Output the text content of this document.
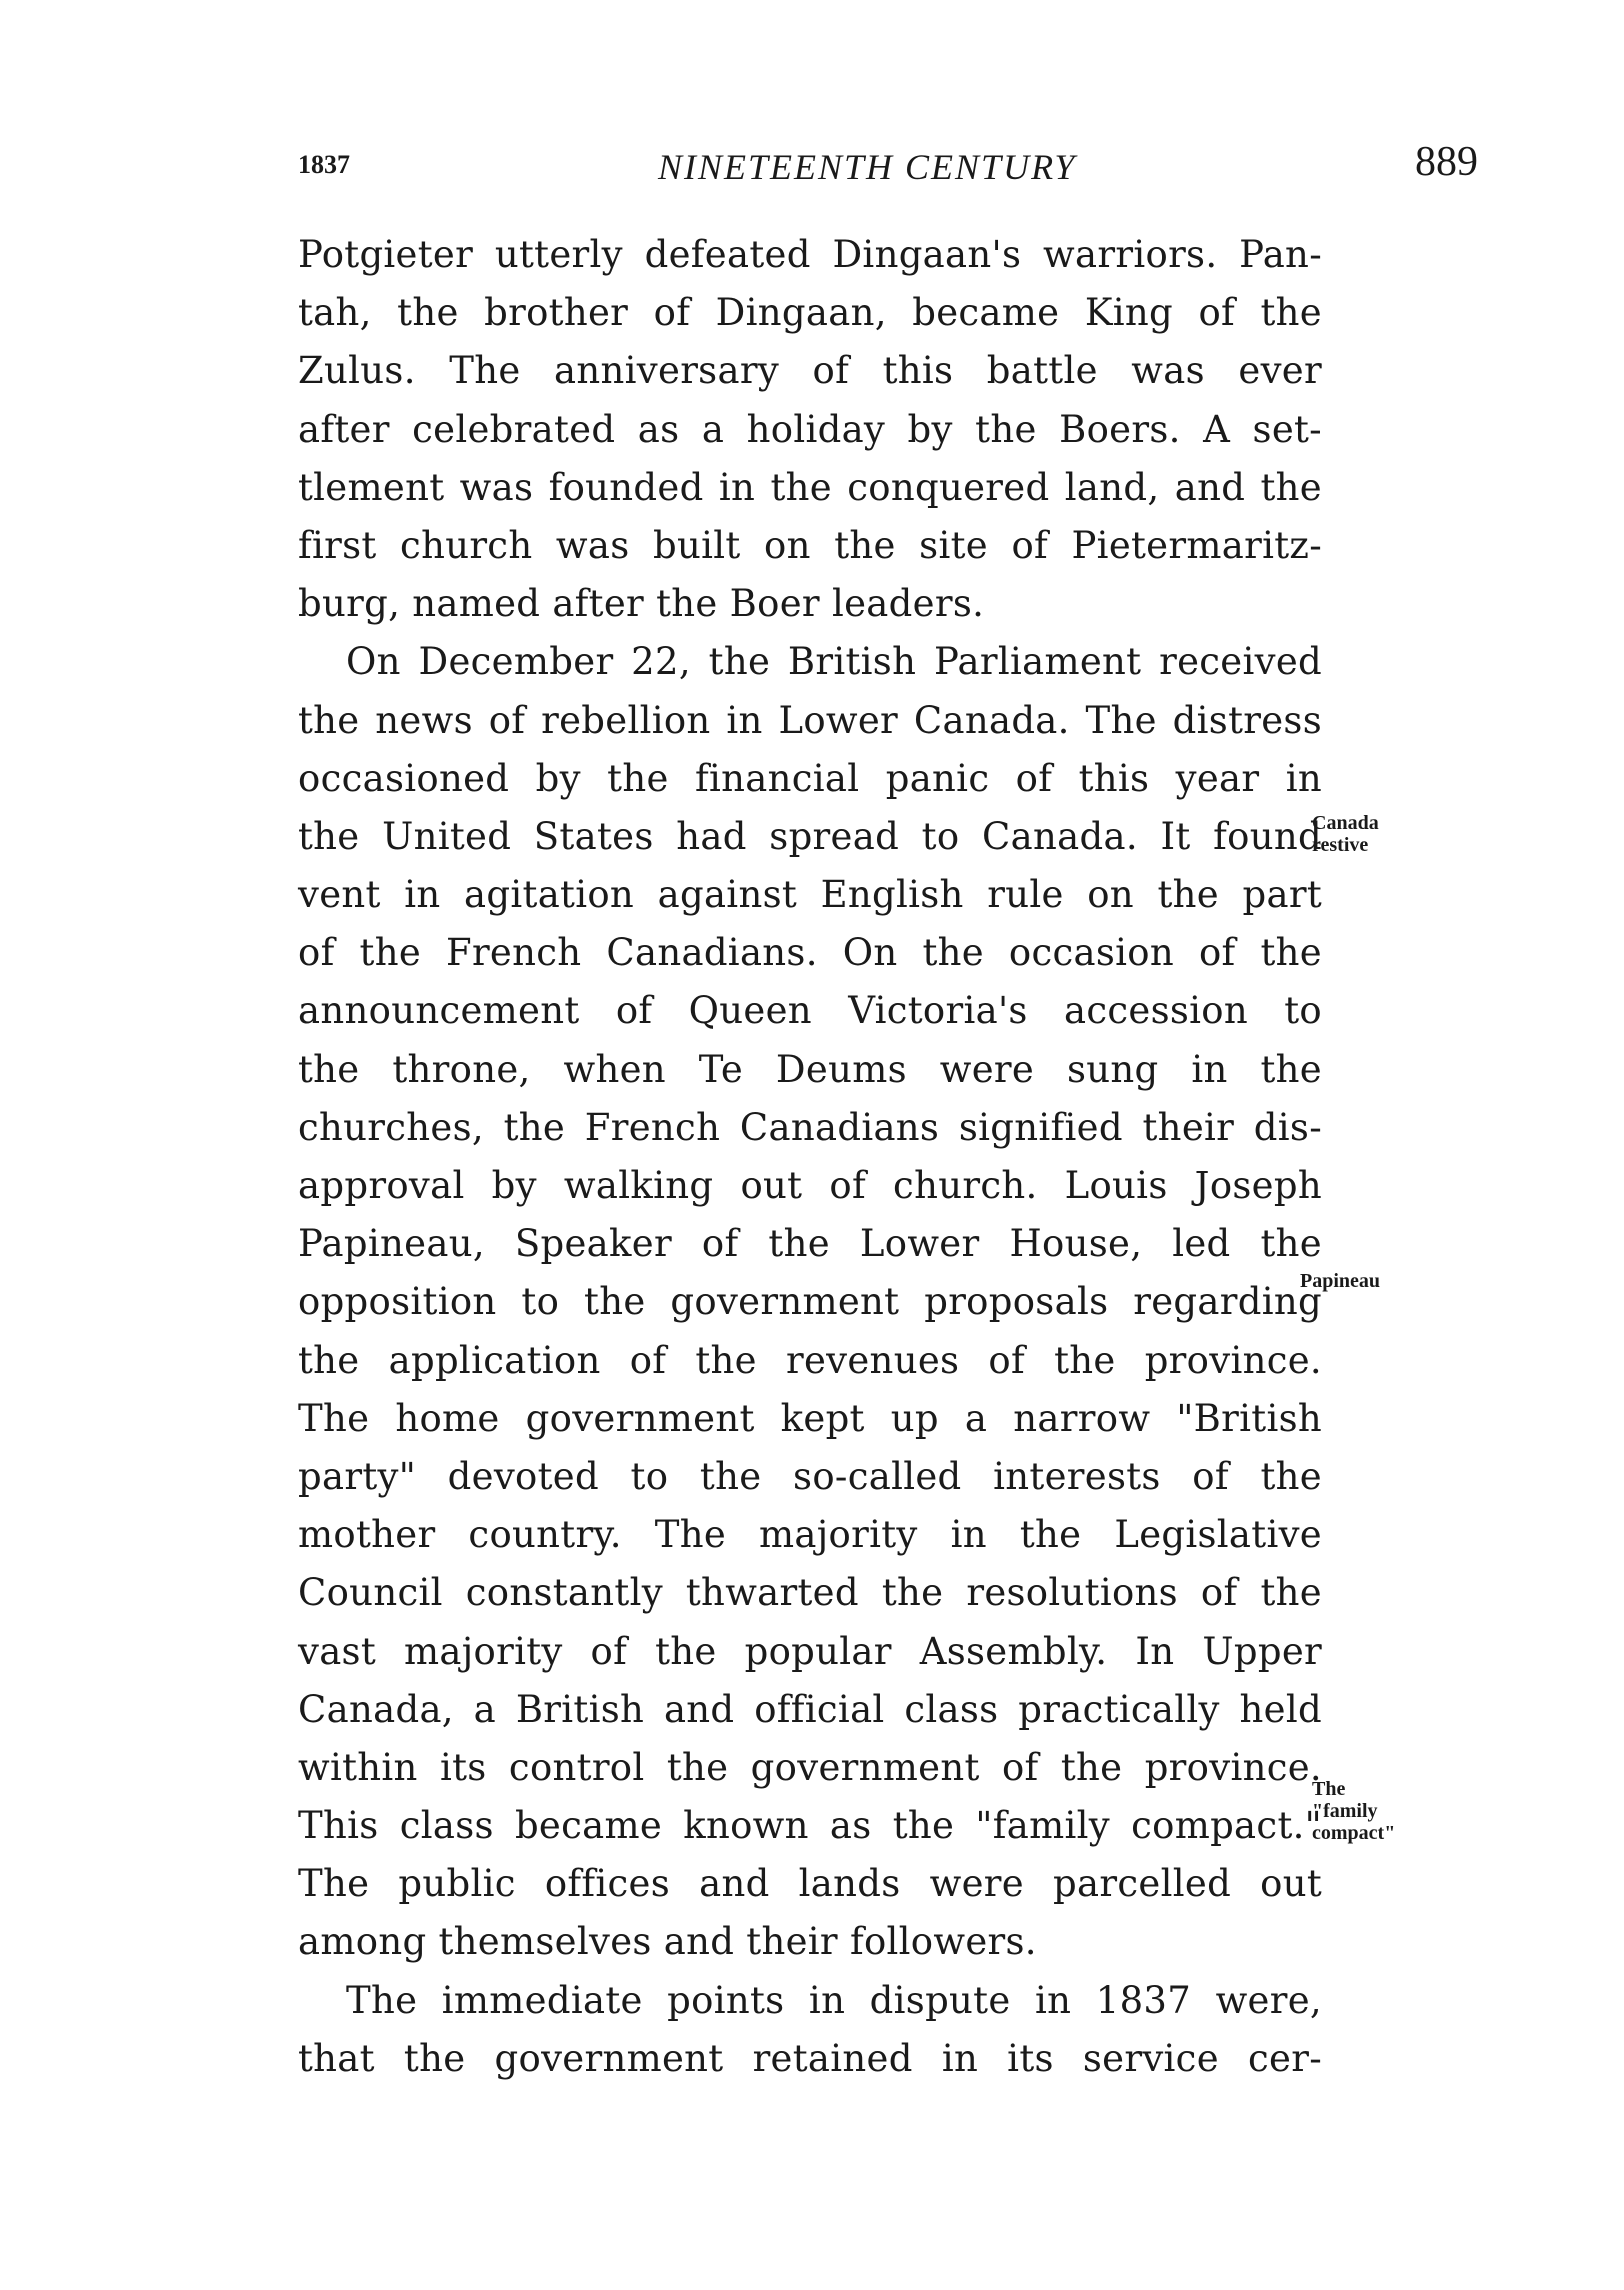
1837	NINETEENTH CENTURY	889
Potgieter utterly defeated Dingaan's warriors. Pan-
tah, the brother of Dingaan, became King of the
Zulus. The anniversary of this battle was ever
after celebrated as a holiday by the Boers. A set-
tlement was founded in the conquered land, and the
first church was built on the site of Pietermaritz-
burg, named after the Boer leaders.
On December 22, the British Parliament received
the news of rebellion in Lower Canada. The distress
occasioned by the financial panic of this year in
the United States had spread to Canada. It found
vent in agitation against English rule on the part
of the French Canadians. On the occasion of the
announcement of Queen Victoria's accession to
the throne, when Te Deums were sung in the
churches, the French Canadians signified their dis-
approval by walking out of church. Louis Joseph
Papineau, Speaker of the Lower House, led the
opposition to the government proposals regarding
the application of the revenues of the province.
The home government kept up a narrow "British
party" devoted to the so-called interests of the
mother country. The majority in the Legislative
Council constantly thwarted the resolutions of the
vast majority of the popular Assembly. In Upper
Canada, a British and official class practically held
within its control the government of the province.
This class became known as the "family compact."
The public offices and lands were parcelled out
among themselves and their followers.
The immediate points in dispute in 1837 were,
that the government retained in its service cer-
Canada
restive
Papineau
The
"family
compact"
